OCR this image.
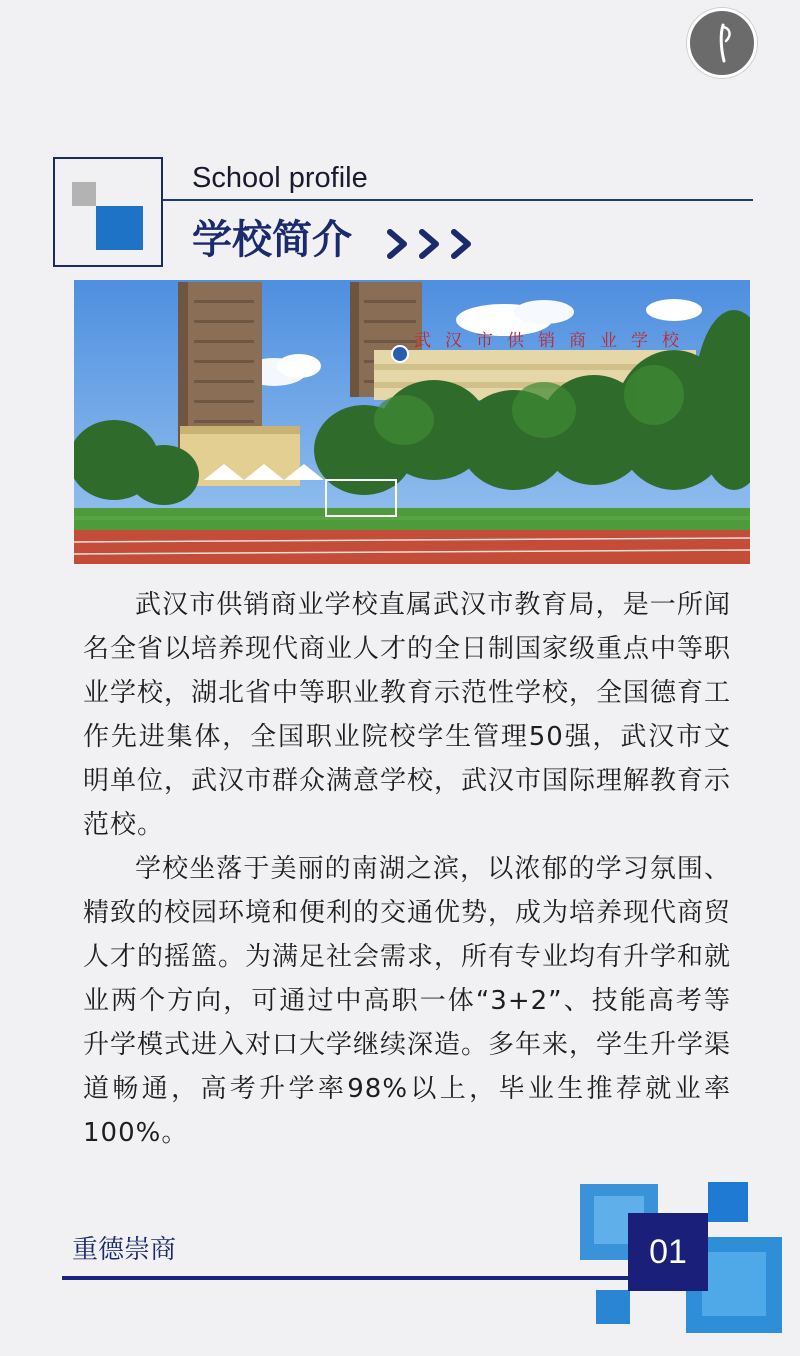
School profile
学校简介
武汉市供销商业学校

武汉市供销商业学校直属武汉市教育局，是一所闻名全省以培养现代商业人才的全日制国家级重点中等职业学校，湖北省中等职业教育示范性学校，全国德育工作先进集体，全国职业院校学生管理50强，武汉市文明单位，武汉市群众满意学校，武汉市国际理解教育示范校。

学校坐落于美丽的南湖之滨，以浓郁的学习氛围、精致的校园环境和便利的交通优势，成为培养现代商贸人才的摇篮。为满足社会需求，所有专业均有升学和就业两个方向，可通过中高职一体“3+2”、技能高考等升学模式进入对口大学继续深造。多年来，学生升学渠道畅通，高考升学率98%以上，毕业生推荐就业率100%。

重德崇商	01
